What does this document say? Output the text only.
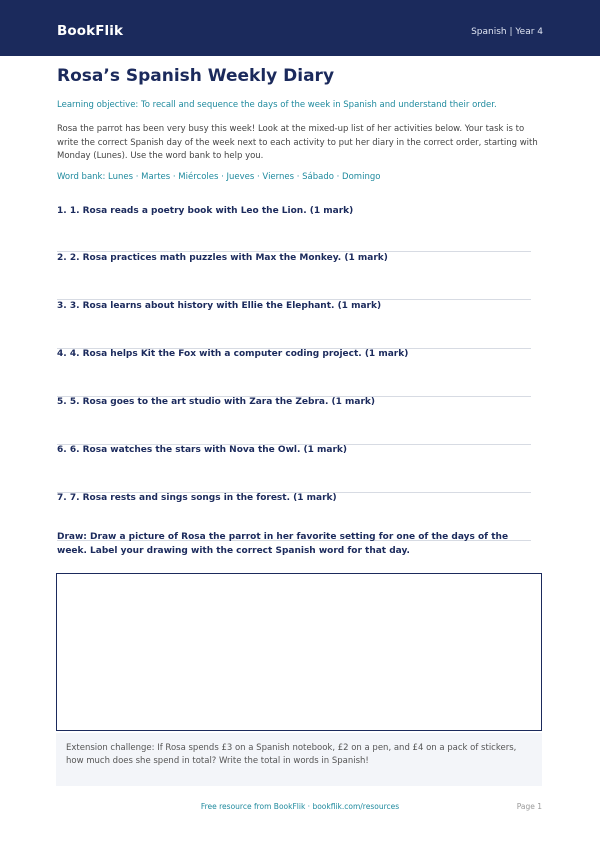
BookFlik	Spanish | Year 4
Rosa’s Spanish Weekly Diary
Learning objective: To recall and sequence the days of the week in Spanish and understand their order.
Rosa the parrot has been very busy this week! Look at the mixed-up list of her activities below. Your task is to write the correct Spanish day of the week next to each activity to put her diary in the correct order, starting with Monday (Lunes). Use the word bank to help you.
Word bank: Lunes · Martes · Miércoles · Jueves · Viernes · Sábado · Domingo
1. 1. Rosa reads a poetry book with Leo the Lion. (1 mark)
2. 2. Rosa practices math puzzles with Max the Monkey. (1 mark)
3. 3. Rosa learns about history with Ellie the Elephant. (1 mark)
4. 4. Rosa helps Kit the Fox with a computer coding project. (1 mark)
5. 5. Rosa goes to the art studio with Zara the Zebra. (1 mark)
6. 6. Rosa watches the stars with Nova the Owl. (1 mark)
7. 7. Rosa rests and sings songs in the forest. (1 mark)
Draw: Draw a picture of Rosa the parrot in her favorite setting for one of the days of the week. Label your drawing with the correct Spanish word for that day.
Extension challenge: If Rosa spends £3 on a Spanish notebook, £2 on a pen, and £4 on a pack of stickers, how much does she spend in total? Write the total in words in Spanish!
Free resource from BookFlik · bookflik.com/resources	Page 1
